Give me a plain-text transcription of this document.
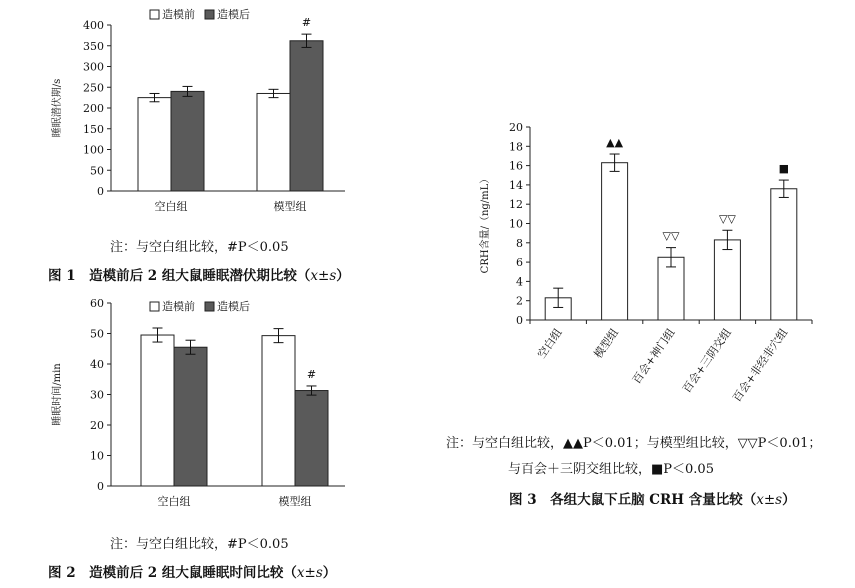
0
50
100
150
200
250
300
350
400
睡眠潜伏期/s
#
空白组	模型组
造模前 造模后
0
10
20
30
40
50
60
睡眠时间/min	#
空白组	模型组
造模前 造模后
0
2
4
6
8
10
12
14
16
18
20
CRH含量/（ng/mL）
▲▲
▽▽
▽▽
■
空白组 模型组 百会+神门组 百会+三阴交组
百会+非经非穴组
注：与空白组比较，#P＜0.05
图 1　造模前后 2 组大鼠睡眠潜伏期比较（x±s）
注：与空白组比较，#P＜0.05
图 2　造模前后 2 组大鼠睡眠时间比较（x±s）
注：与空白组比较，▲▲P＜0.01；与模型组比较，▽▽P＜0.01；
与百会＋三阴交组比较，■P＜0.05
图 3　各组大鼠下丘脑 CRH 含量比较（x±s）
